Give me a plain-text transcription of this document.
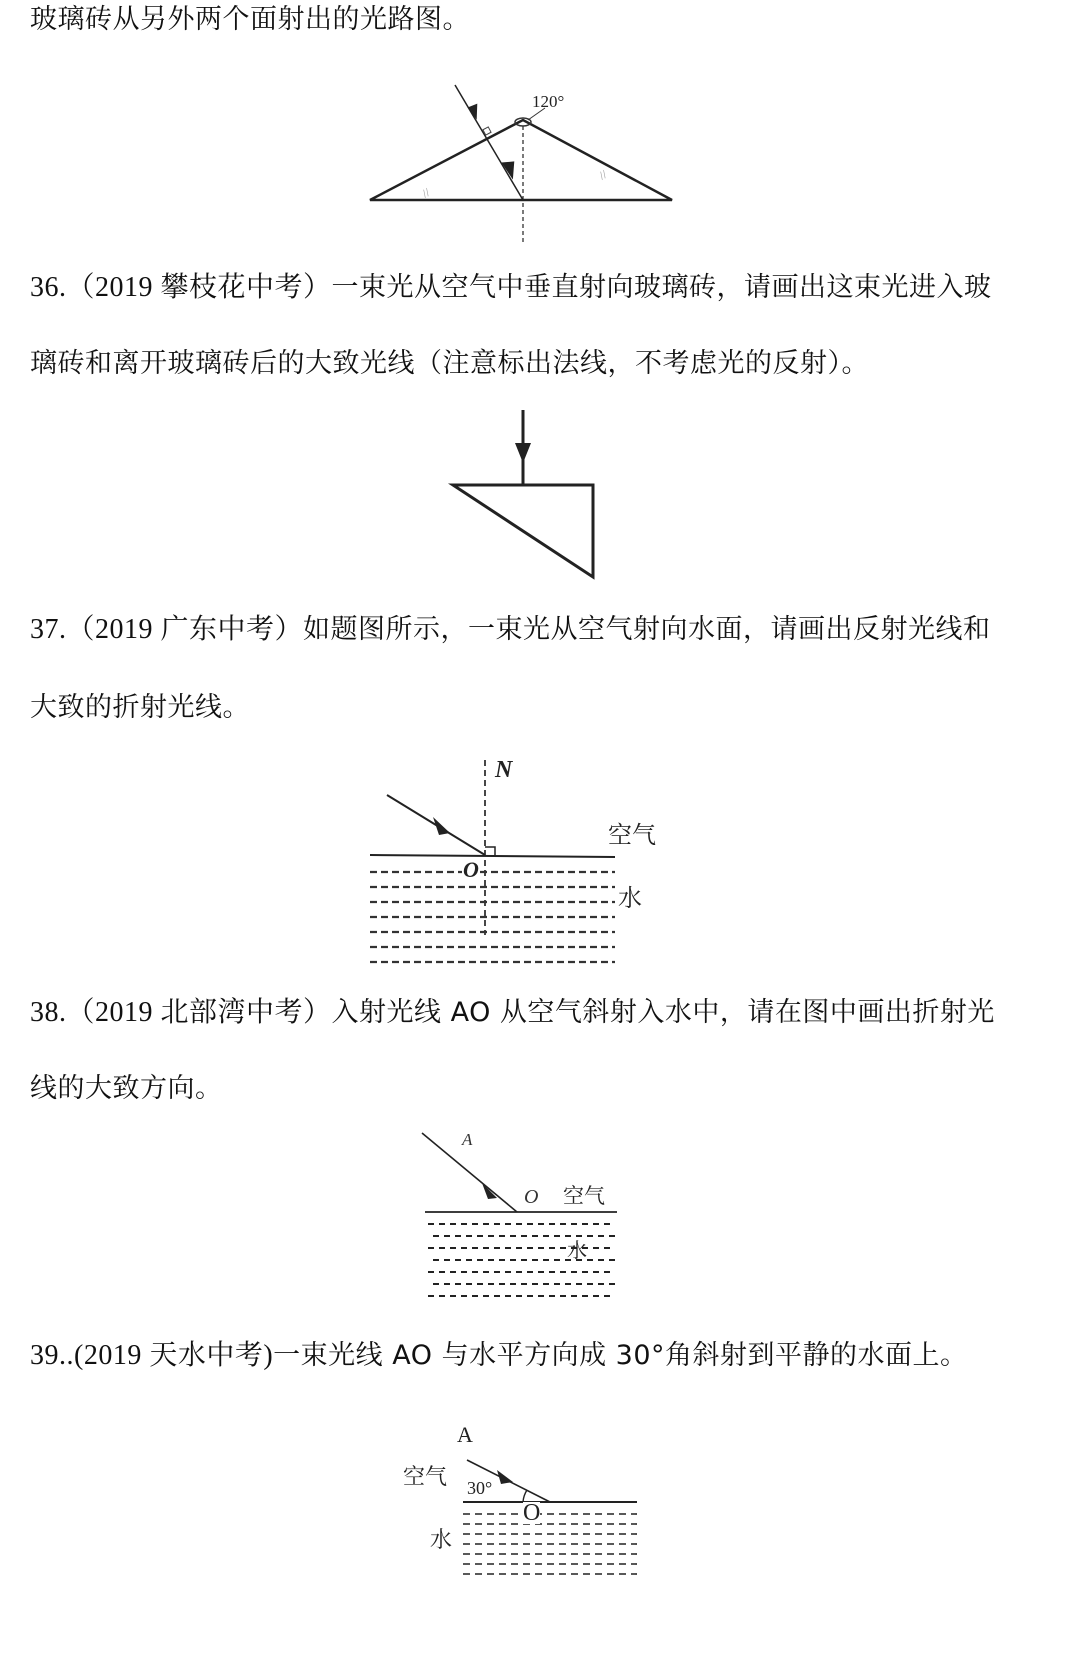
玻璃砖从另外两个面射出的光路图。
//
//
120°
36.（2019 攀枝花中考）一束光从空气中垂直射向玻璃砖，请画出这束光进入玻
璃砖和离开玻璃砖后的大致光线（注意标出法线，不考虑光的反射）。
37.（2019 广东中考）如题图所示，一束光从空气射向水面，请画出反射光线和
大致的折射光线。
N
O
空气
水
38.（2019 北部湾中考）入射光线 AO 从空气斜射入水中，请在图中画出折射光
线的大致方向。
A
O 空气
水
39..(2019 天水中考)一束光线 AO 与水平方向成 30°角斜射到平静的水面上。
A
30°
O
空气
水
